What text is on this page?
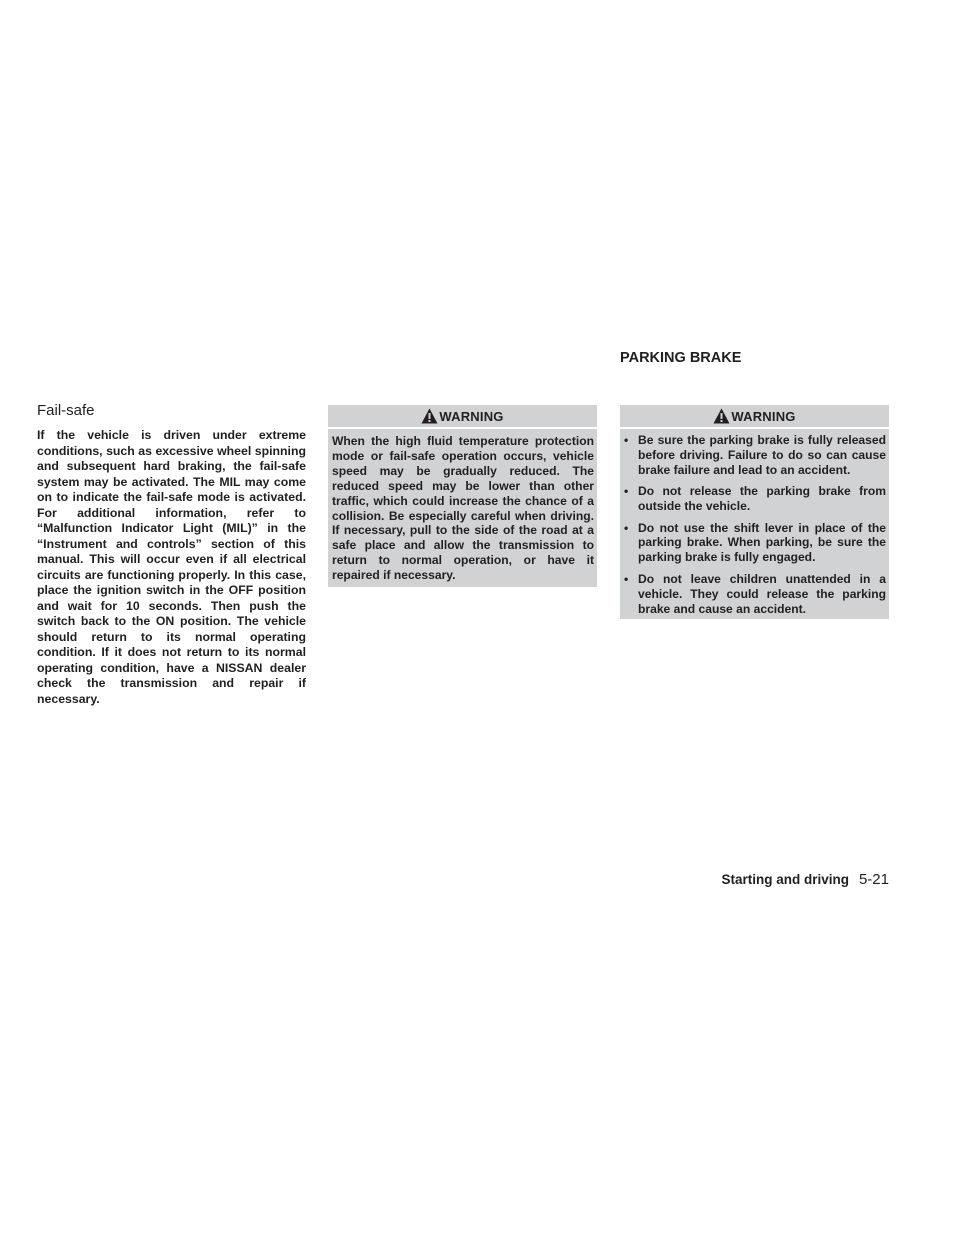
Fail-safe

If the vehicle is driven under extreme conditions, such as excessive wheel spinning and subsequent hard braking, the fail-safe system may be activated. The MIL may come on to indicate the fail-safe mode is activated. For additional information, refer to “Malfunction Indicator Light (MIL)” in the “Instrument and controls” section of this manual. This will occur even if all electrical circuits are functioning properly. In this case, place the ignition switch in the OFF position and wait for 10 seconds. Then push the switch back to the ON position. The vehicle should return to its normal operating condition. If it does not return to its normal operating condition, have a NISSAN dealer check the transmission and repair if necessary.

WARNING

When the high fluid temperature protection mode or fail-safe operation occurs, vehicle speed may be gradually reduced. The reduced speed may be lower than other traffic, which could increase the chance of a collision. Be especially careful when driving. If necessary, pull to the side of the road at a safe place and allow the transmission to return to normal operation, or have it repaired if necessary.

PARKING BRAKE
WARNING
• Be sure the parking brake is fully released before driving. Failure to do so can cause brake failure and lead to an accident.
• Do not release the parking brake from outside the vehicle.
• Do not use the shift lever in place of the parking brake. When parking, be sure the parking brake is fully engaged.
• Do not leave children unattended in a vehicle. They could release the parking brake and cause an accident.
Starting and driving 5-21
